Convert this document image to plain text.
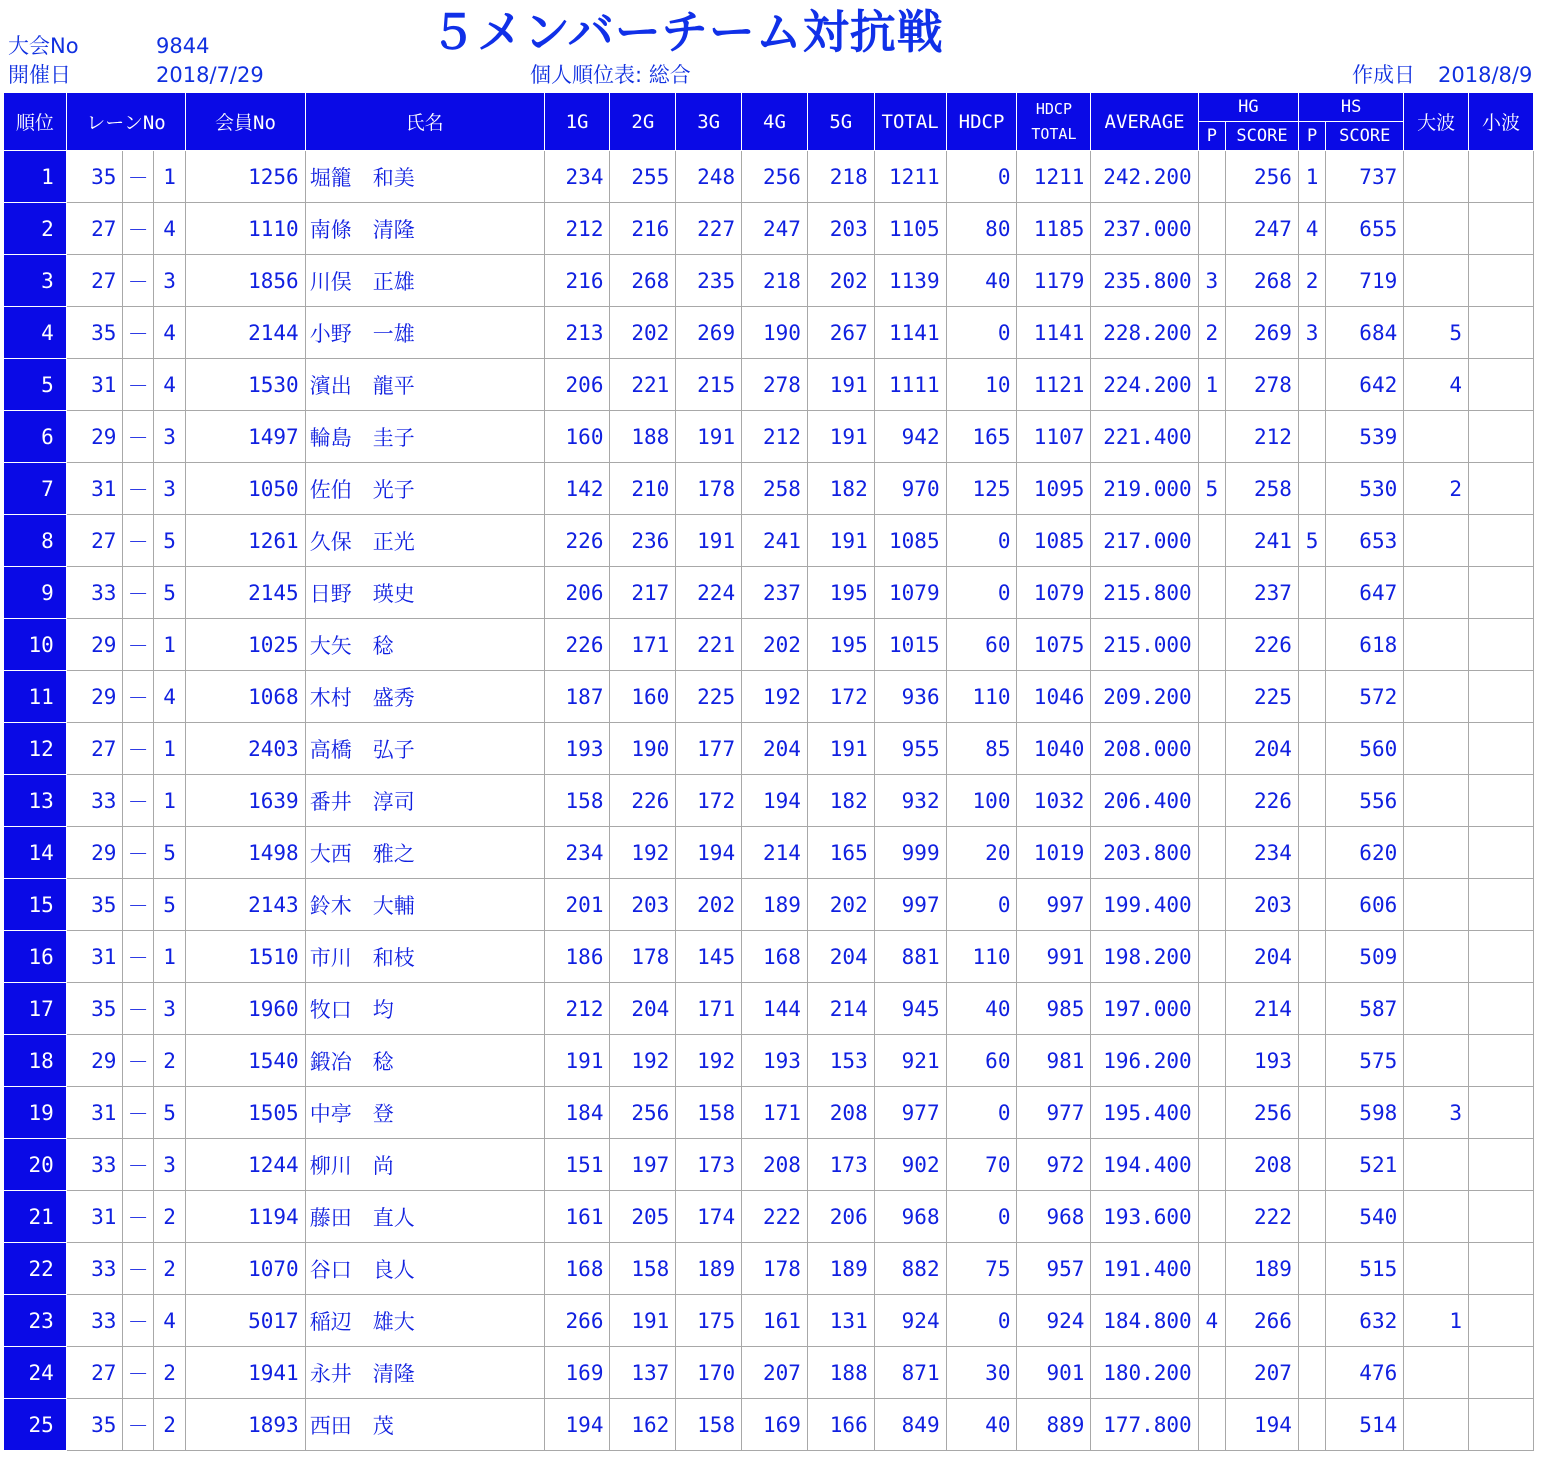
大会No	9844
開催日	2018/7/29
５メンバーチーム対抗戦
個人順位表: 総合	作成日 2018/8/9
順位	レーンNo			会員No	氏名	1G	2G	3G	4G	5G	TOTAL	HDCP	HDCP
TOTAL	AVERAGE	HG		HS		大波	小波
															P	SCORE	P	SCORE		
1	35	－	1	1256	堀籠　和美	234	255	248	256	218	1211	0	1211	242.200		256	1	737		
2	27	－	4	1110	南條　清隆	212	216	227	247	203	1105	80	1185	237.000		247	4	655		
3	27	－	3	1856	川俣　正雄	216	268	235	218	202	1139	40	1179	235.800	3	268	2	719		
4	35	－	4	2144	小野　一雄	213	202	269	190	267	1141	0	1141	228.200	2	269	3	684	5	
5	31	－	4	1530	濱出　龍平	206	221	215	278	191	1111	10	1121	224.200	1	278		642	4	
6	29	－	3	1497	輪島　圭子	160	188	191	212	191	942	165	1107	221.400		212		539		
7	31	－	3	1050	佐伯　光子	142	210	178	258	182	970	125	1095	219.000	5	258		530	2	
8	27	－	5	1261	久保　正光	226	236	191	241	191	1085	0	1085	217.000		241	5	653		
9	33	－	5	2145	日野　瑛史	206	217	224	237	195	1079	0	1079	215.800		237		647		
10	29	－	1	1025	大矢　稔	226	171	221	202	195	1015	60	1075	215.000		226		618		
11	29	－	4	1068	木村　盛秀	187	160	225	192	172	936	110	1046	209.200		225		572		
12	27	－	1	2403	高橋　弘子	193	190	177	204	191	955	85	1040	208.000		204		560		
13	33	－	1	1639	番井　淳司	158	226	172	194	182	932	100	1032	206.400		226		556		
14	29	－	5	1498	大西　雅之	234	192	194	214	165	999	20	1019	203.800		234		620		
15	35	－	5	2143	鈴木　大輔	201	203	202	189	202	997	0	997	199.400		203		606		
16	31	－	1	1510	市川　和枝	186	178	145	168	204	881	110	991	198.200		204		509		
17	35	－	3	1960	牧口　均	212	204	171	144	214	945	40	985	197.000		214		587		
18	29	－	2	1540	鍛冶　稔	191	192	192	193	153	921	60	981	196.200		193		575		
19	31	－	5	1505	中亭　登	184	256	158	171	208	977	0	977	195.400		256		598	3	
20	33	－	3	1244	柳川　尚	151	197	173	208	173	902	70	972	194.400		208		521		
21	31	－	2	1194	藤田　直人	161	205	174	222	206	968	0	968	193.600		222		540		
22	33	－	2	1070	谷口　良人	168	158	189	178	189	882	75	957	191.400		189		515		
23	33	－	4	5017	稲辺　雄大	266	191	175	161	131	924	0	924	184.800	4	266		632	1	
24	27	－	2	1941	永井　清隆	169	137	170	207	188	871	30	901	180.200		207		476		
25	35	－	2	1893	西田　茂	194	162	158	169	166	849	40	889	177.800		194		514		
